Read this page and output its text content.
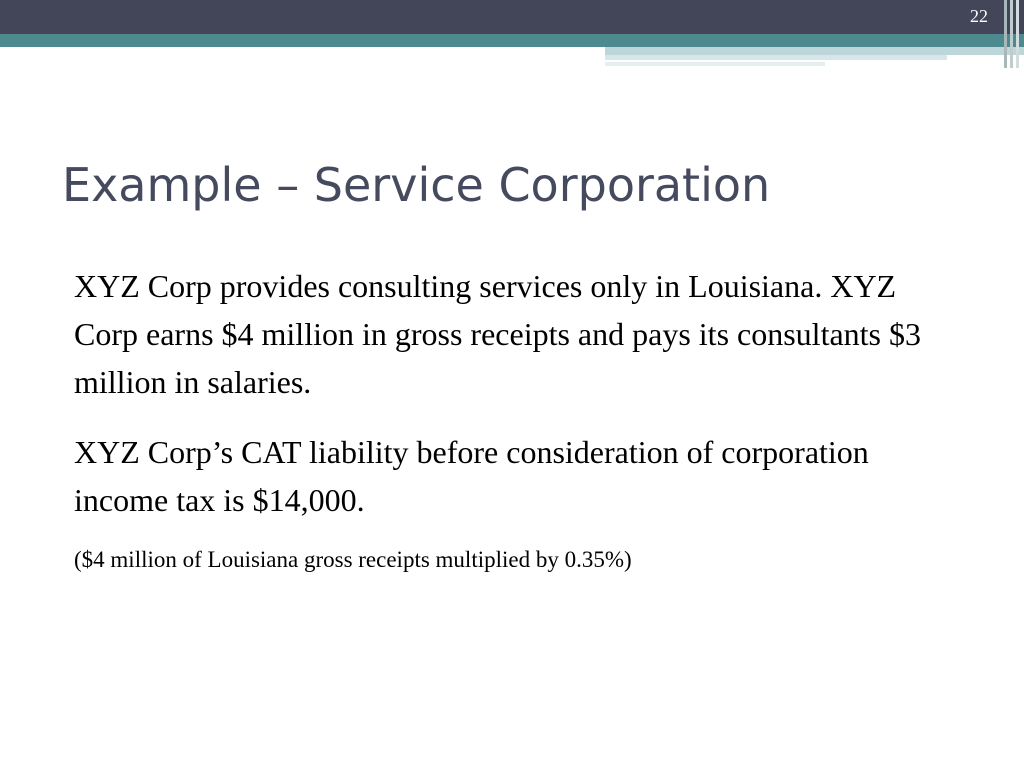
22
Example – Service Corporation

XYZ Corp provides consulting services only in Louisiana. XYZ Corp earns $4 million in gross receipts and pays its consultants $3 million in salaries.

XYZ Corp’s CAT liability before consideration of corporation income tax is $14,000.

($4 million of Louisiana gross receipts multiplied by 0.35%)
